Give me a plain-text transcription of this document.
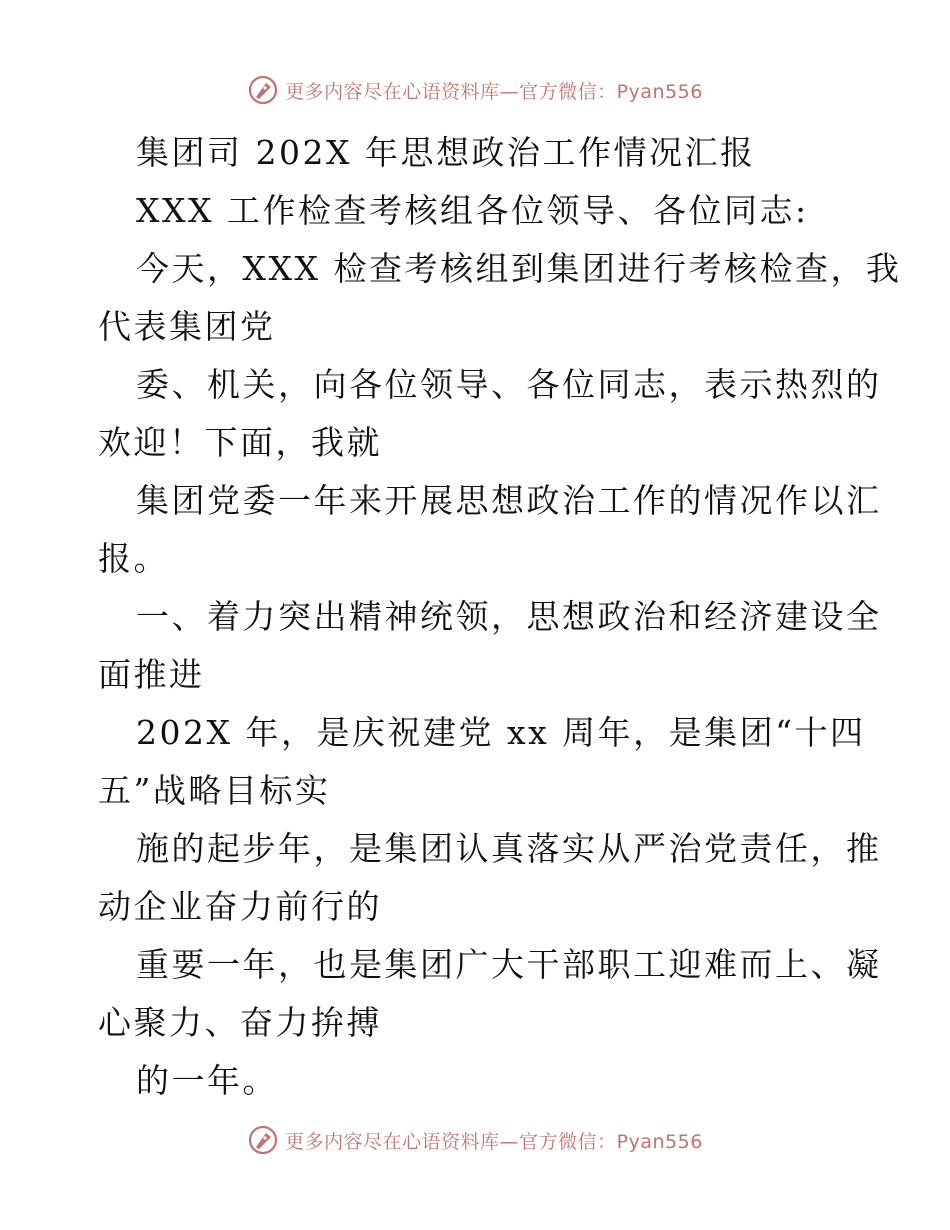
更多内容尽在心语资料库—官方微信：Pyan556
集团司 202X 年思想政治工作情况汇报
XXX 工作检查考核组各位领导、各位同志:
今天，XXX 检查考核组到集团进行考核检查，我
代表集团党
委、机关，向各位领导、各位同志，表示热烈的
欢迎！下面，我就
集团党委一年来开展思想政治工作的情况作以汇
报。
一、着力突出精神统领，思想政治和经济建设全
面推进
202X 年，是庆祝建党 xx 周年，是集团“十四
五”战略目标实
施的起步年，是集团认真落实从严治党责任，推
动企业奋力前行的
重要一年，也是集团广大干部职工迎难而上、凝
心聚力、奋力拚搏
的一年。
更多内容尽在心语资料库—官方微信：Pyan556
